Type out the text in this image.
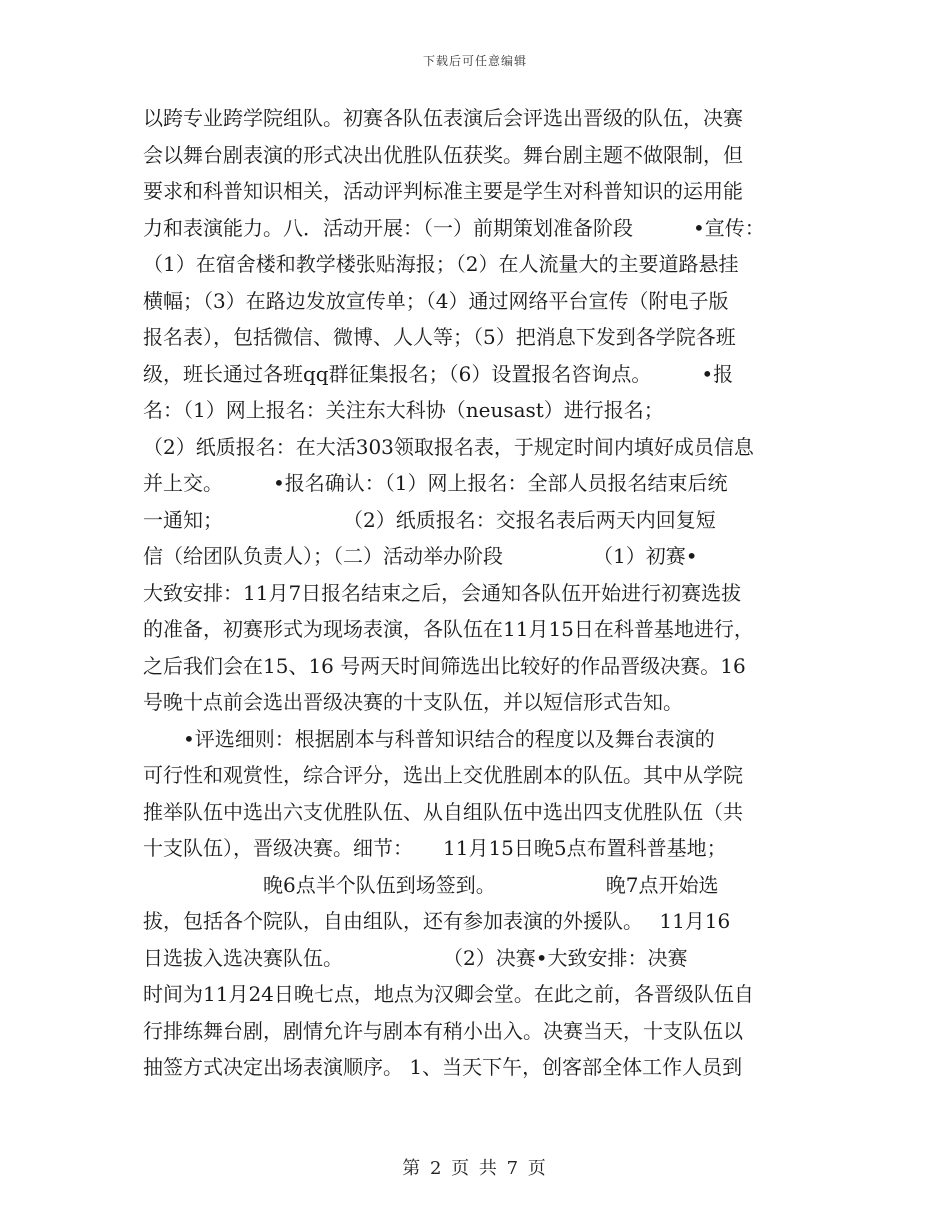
下载后可任意编辑
以跨专业跨学院组队。初赛各队伍表演后会评选出晋级的队伍，决赛
会以舞台剧表演的形式决出优胜队伍获奖。舞台剧主题不做限制，但
要求和科普知识相关，活动评判标准主要是学生对科普知识的运用能
力和表演能力。八．活动开展：（一）前期策划准备阶段　　　•宣传：
（1）在宿舍楼和教学楼张贴海报；（2）在人流量大的主要道路悬挂
横幅；（3）在路边发放宣传单；（4）通过网络平台宣传（附电子版
报名表），包括微信、微博、人人等；（5）把消息下发到各学院各班
级，班长通过各班qq群征集报名；（6）设置报名咨询点。　　　•报
名：（1）网上报名：关注东大科协（neusast）进行报名；
（2）纸质报名：在大活303领取报名表，于规定时间内填好成员信息
并上交。　　　•报名确认：（1）网上报名：全部人员报名结束后统
一通知；　　　　　　　（2）纸质报名：交报名表后两天内回复短
信（给团队负责人）；（二）活动举办阶段　　　　　（1）初赛•
大致安排：11月7日报名结束之后，会通知各队伍开始进行初赛选拔
的准备，初赛形式为现场表演，各队伍在11月15日在科普基地进行，
之后我们会在15、16 号两天时间筛选出比较好的作品晋级决赛。16
号晚十点前会选出晋级决赛的十支队伍，并以短信形式告知。
　　•评选细则：根据剧本与科普知识结合的程度以及舞台表演的
可行性和观赏性，综合评分，选出上交优胜剧本的队伍。其中从学院
推举队伍中选出六支优胜队伍、从自组队伍中选出四支优胜队伍（共
十支队伍），晋级决赛。细节：　　11月15日晚5点布置科普基地；
　　　　　　晚6点半个队伍到场签到。　　　　　　晚7点开始选
拔，包括各个院队，自由组队，还有参加表演的外援队。　 11月16
日选拔入选决赛队伍。　　　　　　（2）决赛•大致安排：决赛
时间为11月24日晚七点，地点为汉卿会堂。在此之前，各晋级队伍自
行排练舞台剧，剧情允许与剧本有稍小出入。决赛当天，十支队伍以
抽签方式决定出场表演顺序。 1、当天下午，创客部全体工作人员到
第 2 页 共 7 页
